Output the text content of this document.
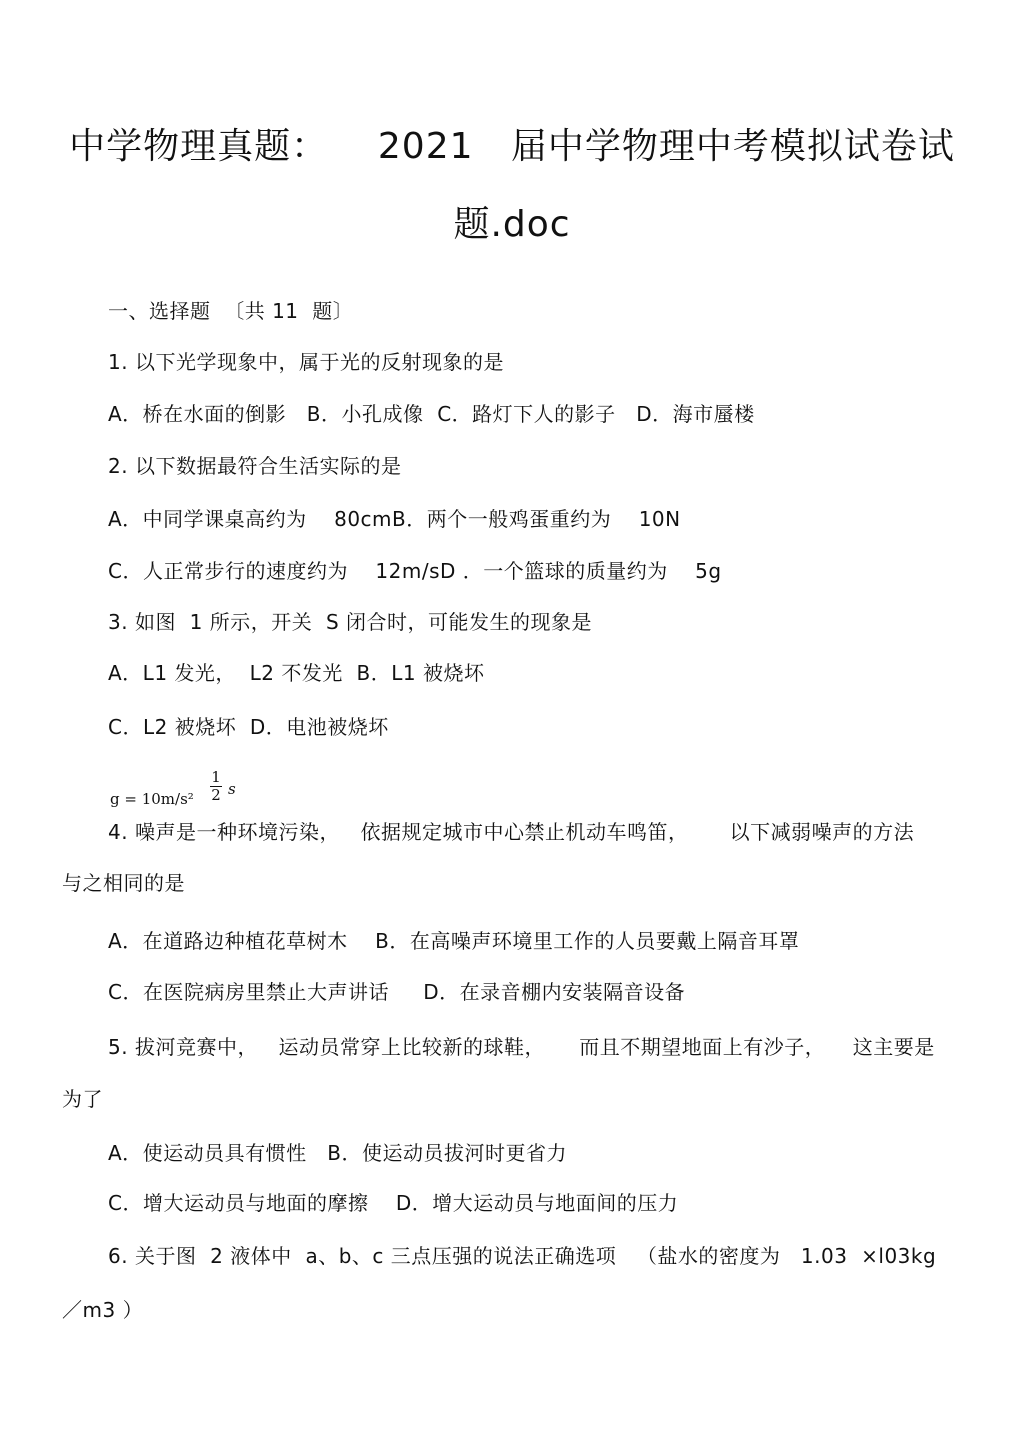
中学物理真题：    2021   届中学物理中考模拟试卷试
题.doc
一、选择题  〔共 11  题〕
1. 以下光学现象中，属于光的反射现象的是
A．桥在水面的倒影   B．小孔成像  C．路灯下人的影子   D．海市蜃楼
2. 以下数据最符合生活实际的是
A．中同学课桌高约为    80cmB．两个一般鸡蛋重约为    10N
C．人正常步行的速度约为    12m/sD ．一个篮球的质量约为    5g
3. 如图  1 所示，开关  S 闭合时，可能发生的现象是
A．L1 发光，  L2 不发光  B．L1 被烧坏
C．L2 被烧坏  D．电池被烧坏
g = 10m/s²
1
2 s
4. 噪声是一种环境污染，   依据规定城市中心禁止机动车鸣笛，      以下减弱噪声的方法
与之相同的是
A．在道路边种植花草树木    B．在高噪声环境里工作的人员要戴上隔音耳罩
C．在医院病房里禁止大声讲话     D．在录音棚内安装隔音设备
5. 拔河竞赛中，   运动员常穿上比较新的球鞋，     而且不期望地面上有沙子，    这主要是
为了
A．使运动员具有惯性   B．使运动员拔河时更省力
C．增大运动员与地面的摩擦    D．增大运动员与地面间的压力
6. 关于图  2 液体中  a、b、c 三点压强的说法正确选项   （盐水的密度为   1.03  ×l03kg
／m3 ）
